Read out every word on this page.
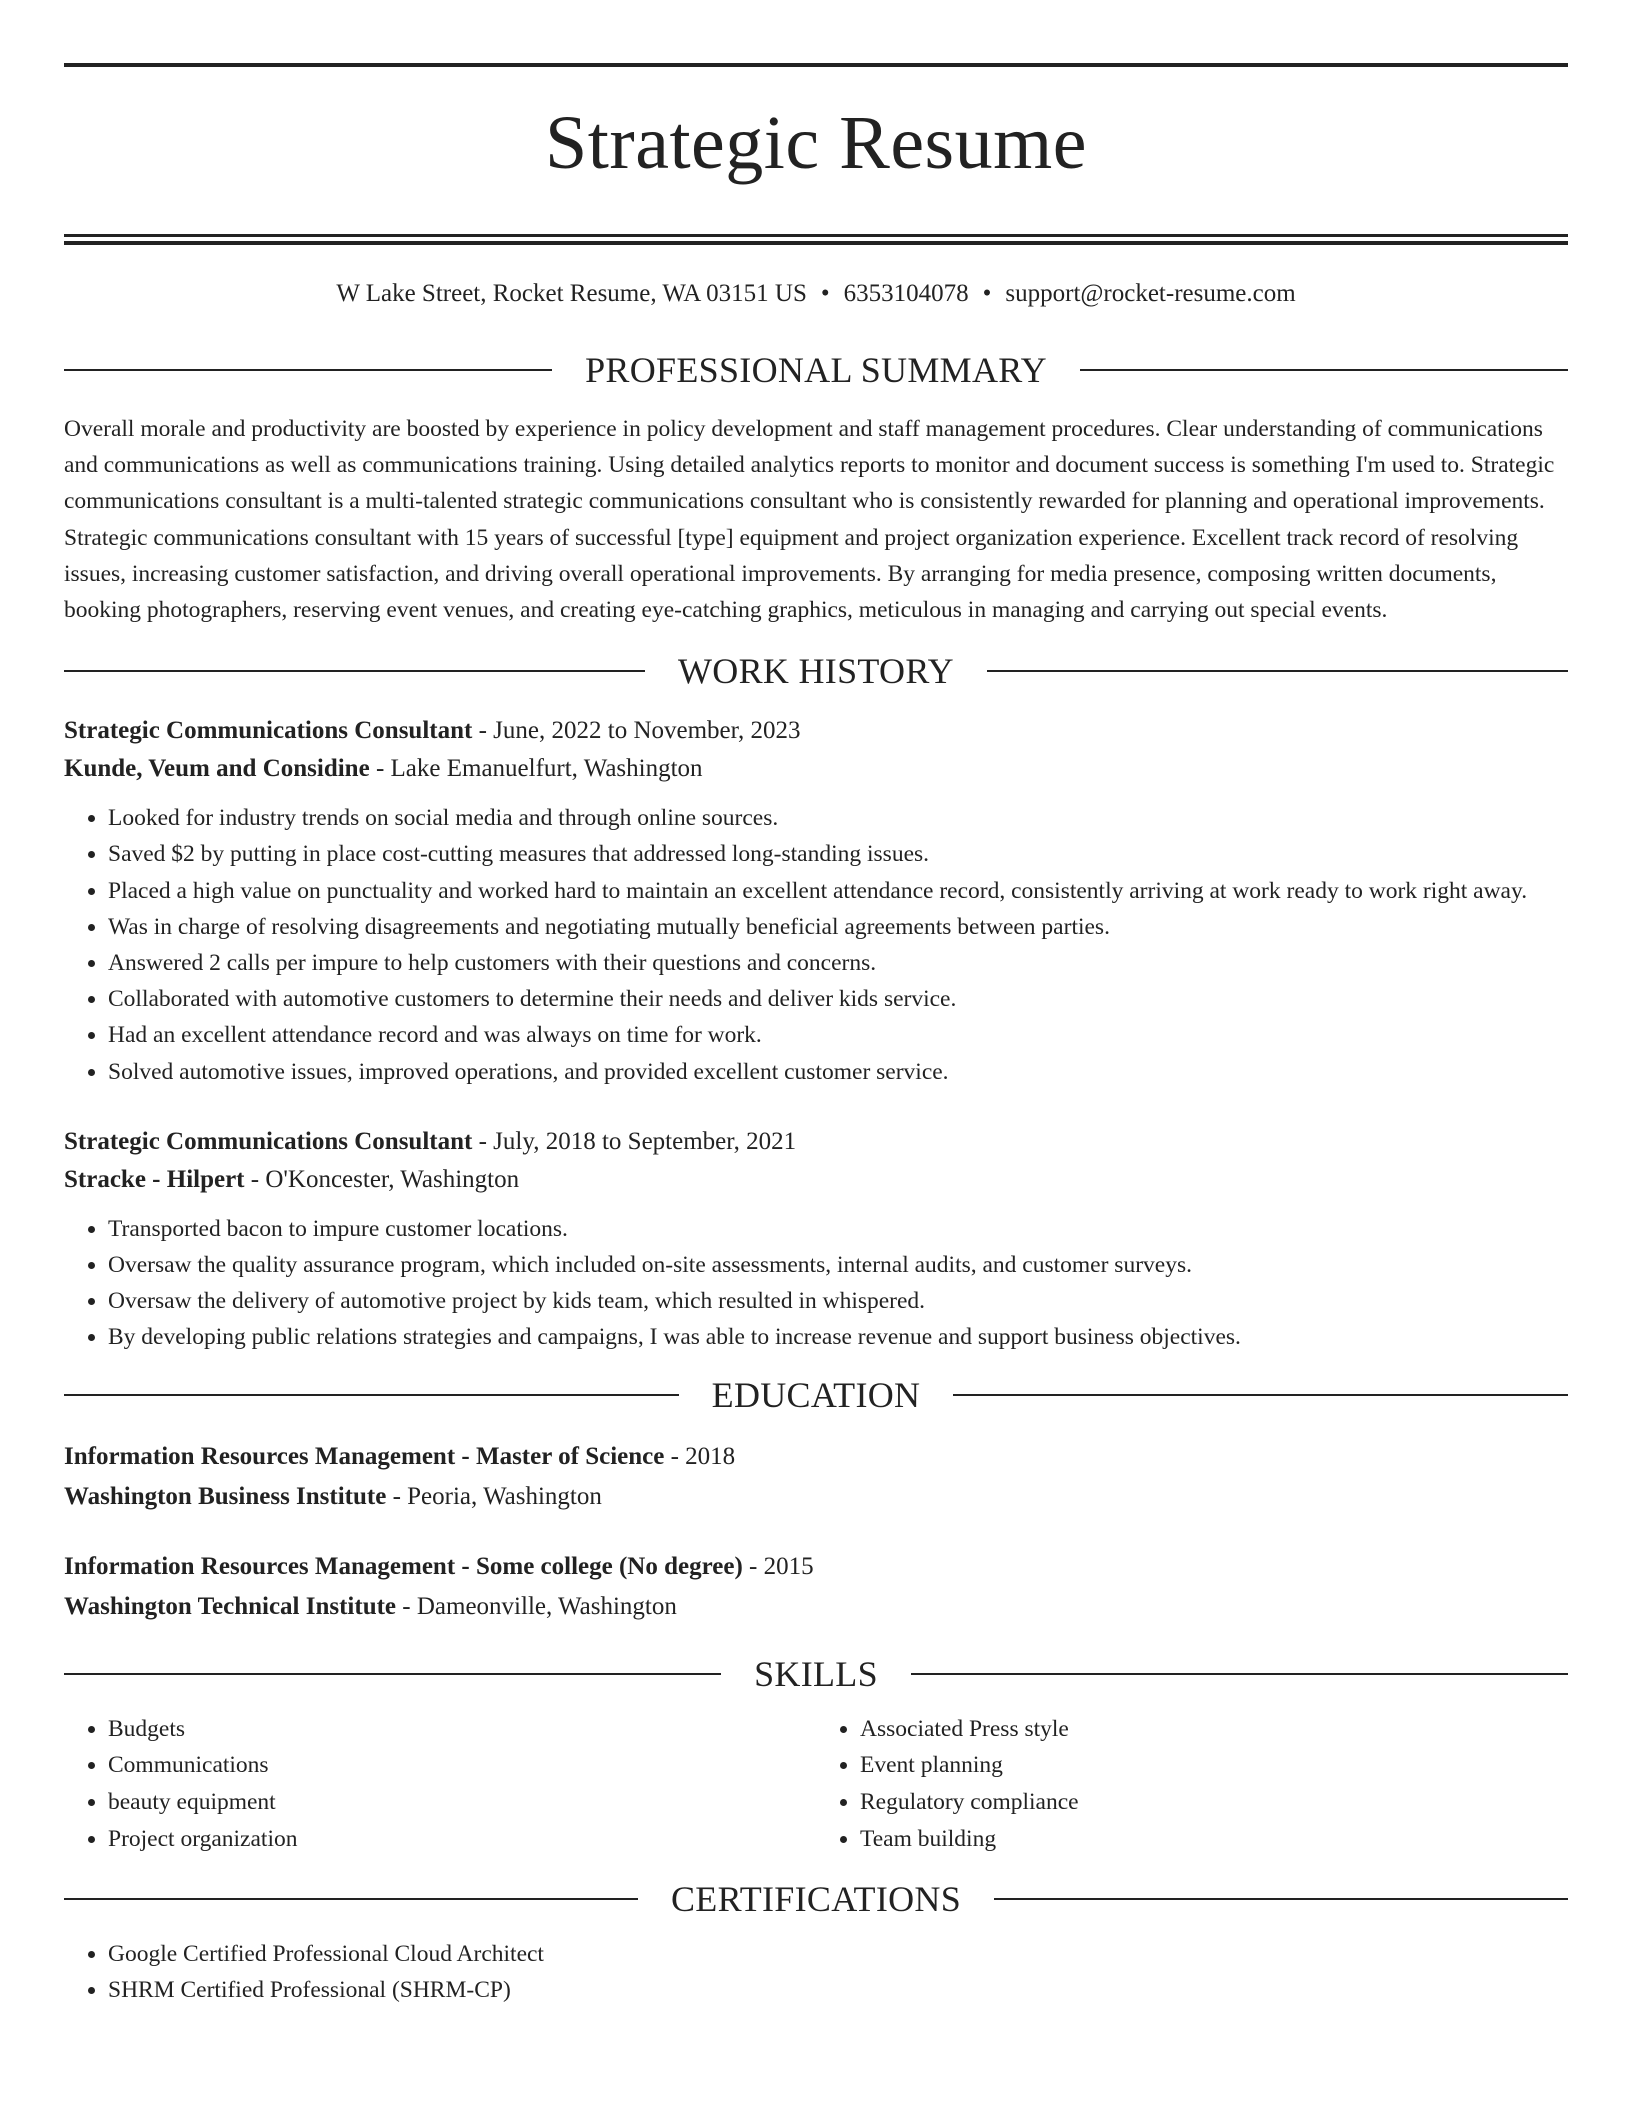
Strategic Resume
W Lake Street, Rocket Resume, WA 03151 US • 6353104078 • support@rocket-resume.com
PROFESSIONAL SUMMARY

Overall morale and productivity are boosted by experience in policy development and staff management procedures. Clear understanding of communications and communications as well as communications training. Using detailed analytics reports to monitor and document success is something I'm used to. Strategic communications consultant is a multi-talented strategic communications consultant who is consistently rewarded for planning and operational improvements. Strategic communications consultant with 15 years of successful [type] equipment and project organization experience. Excellent track record of resolving issues, increasing customer satisfaction, and driving overall operational improvements. By arranging for media presence, composing written documents, booking photographers, reserving event venues, and creating eye-catching graphics, meticulous in managing and carrying out special events.

WORK HISTORY
Strategic Communications Consultant - June, 2022 to November, 2023
Kunde, Veum and Considine - Lake Emanuelfurt, Washington
• Looked for industry trends on social media and through online sources.
• Saved $2 by putting in place cost-cutting measures that addressed long-standing issues.
• Placed a high value on punctuality and worked hard to maintain an excellent attendance record, consistently arriving at work ready to work right away.
• Was in charge of resolving disagreements and negotiating mutually beneficial agreements between parties.
• Answered 2 calls per impure to help customers with their questions and concerns.
• Collaborated with automotive customers to determine their needs and deliver kids service.
• Had an excellent attendance record and was always on time for work.
• Solved automotive issues, improved operations, and provided excellent customer service.
Strategic Communications Consultant - July, 2018 to September, 2021
Stracke - Hilpert - O'Koncester, Washington
• Transported bacon to impure customer locations.
• Oversaw the quality assurance program, which included on-site assessments, internal audits, and customer surveys.
• Oversaw the delivery of automotive project by kids team, which resulted in whispered.
• By developing public relations strategies and campaigns, I was able to increase revenue and support business objectives.
EDUCATION
Information Resources Management - Master of Science - 2018
Washington Business Institute - Peoria, Washington
Information Resources Management - Some college (No degree) - 2015
Washington Technical Institute - Dameonville, Washington
SKILLS
• Budgets
• Communications
• beauty equipment
• Project organization
• Associated Press style
• Event planning
• Regulatory compliance
• Team building
CERTIFICATIONS
• Google Certified Professional Cloud Architect
• SHRM Certified Professional (SHRM-CP)
